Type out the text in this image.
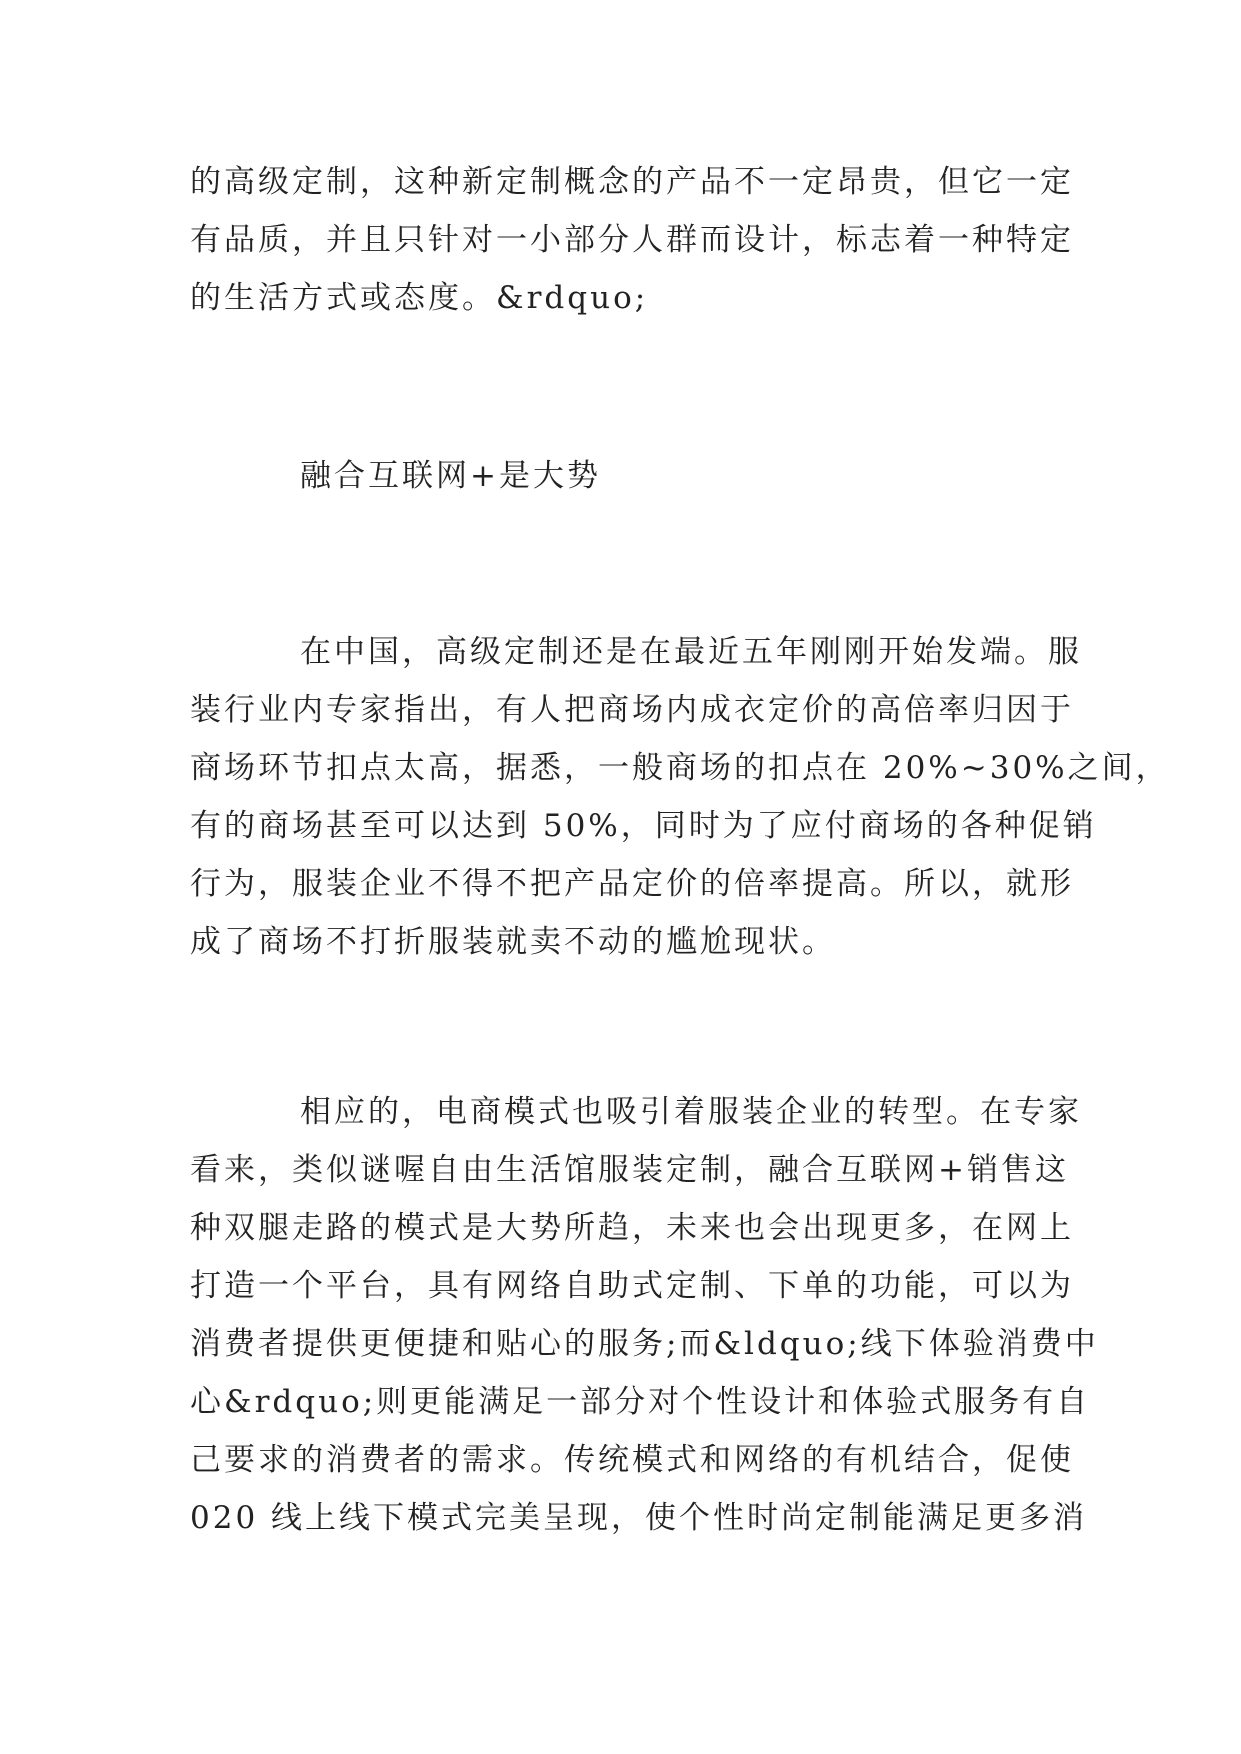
的高级定制，这种新定制概念的产品不一定昂贵，但它一定
有品质，并且只针对一小部分人群而设计，标志着一种特定
的生活方式或态度。&rdquo;
融合互联网+是大势
在中国，高级定制还是在最近五年刚刚开始发端。服
装行业内专家指出，有人把商场内成衣定价的高倍率归因于
商场环节扣点太高，据悉，一般商场的扣点在 20%~30%之间，
有的商场甚至可以达到 50%，同时为了应付商场的各种促销
行为，服装企业不得不把产品定价的倍率提高。所以，就形
成了商场不打折服装就卖不动的尴尬现状。
相应的，电商模式也吸引着服装企业的转型。在专家
看来，类似谜喔自由生活馆服装定制，融合互联网+销售这
种双腿走路的模式是大势所趋，未来也会出现更多，在网上
打造一个平台，具有网络自助式定制、下单的功能，可以为
消费者提供更便捷和贴心的服务;而&ldquo;线下体验消费中
心&rdquo;则更能满足一部分对个性设计和体验式服务有自
己要求的消费者的需求。传统模式和网络的有机结合，促使
020 线上线下模式完美呈现，使个性时尚定制能满足更多消
